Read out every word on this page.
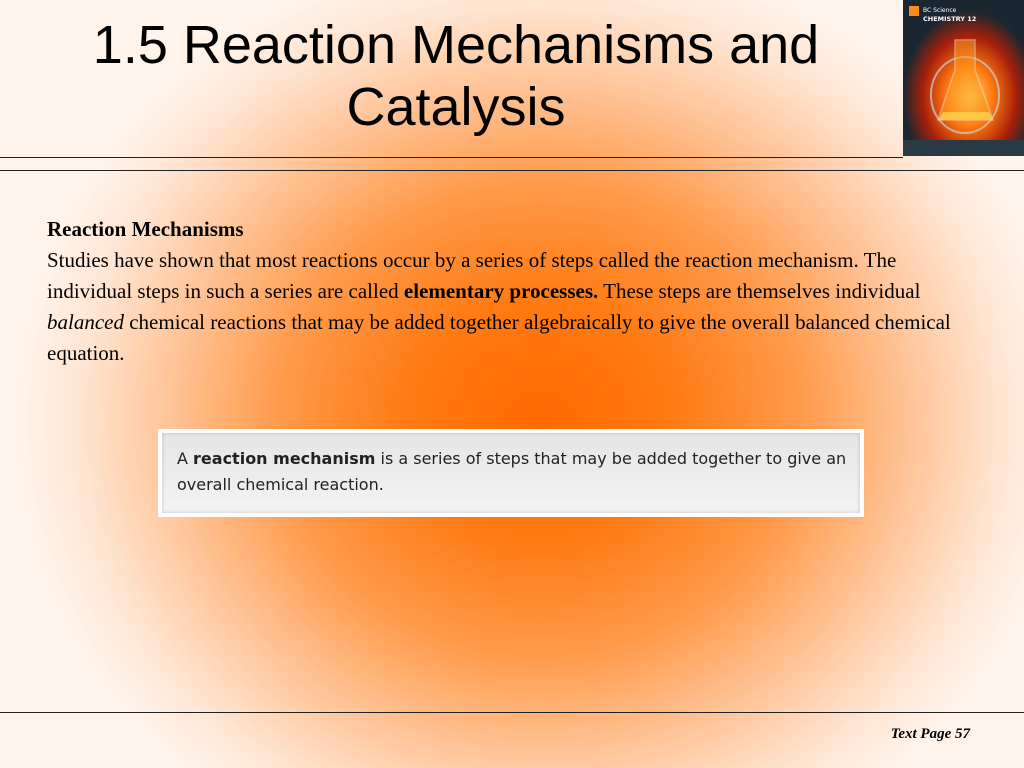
1.5 Reaction Mechanisms and
Catalysis
BC Science
CHEMISTRY 12
Reaction Mechanisms
Studies have shown that most reactions occur by a series of steps called the reaction mechanism. The individual steps in such a series are called elementary processes. These steps are themselves individual balanced chemical reactions that may be added together algebraically to give the overall balanced chemical equation.
A reaction mechanism is a series of steps that may be added together to give an overall chemical reaction.
Text Page 57
